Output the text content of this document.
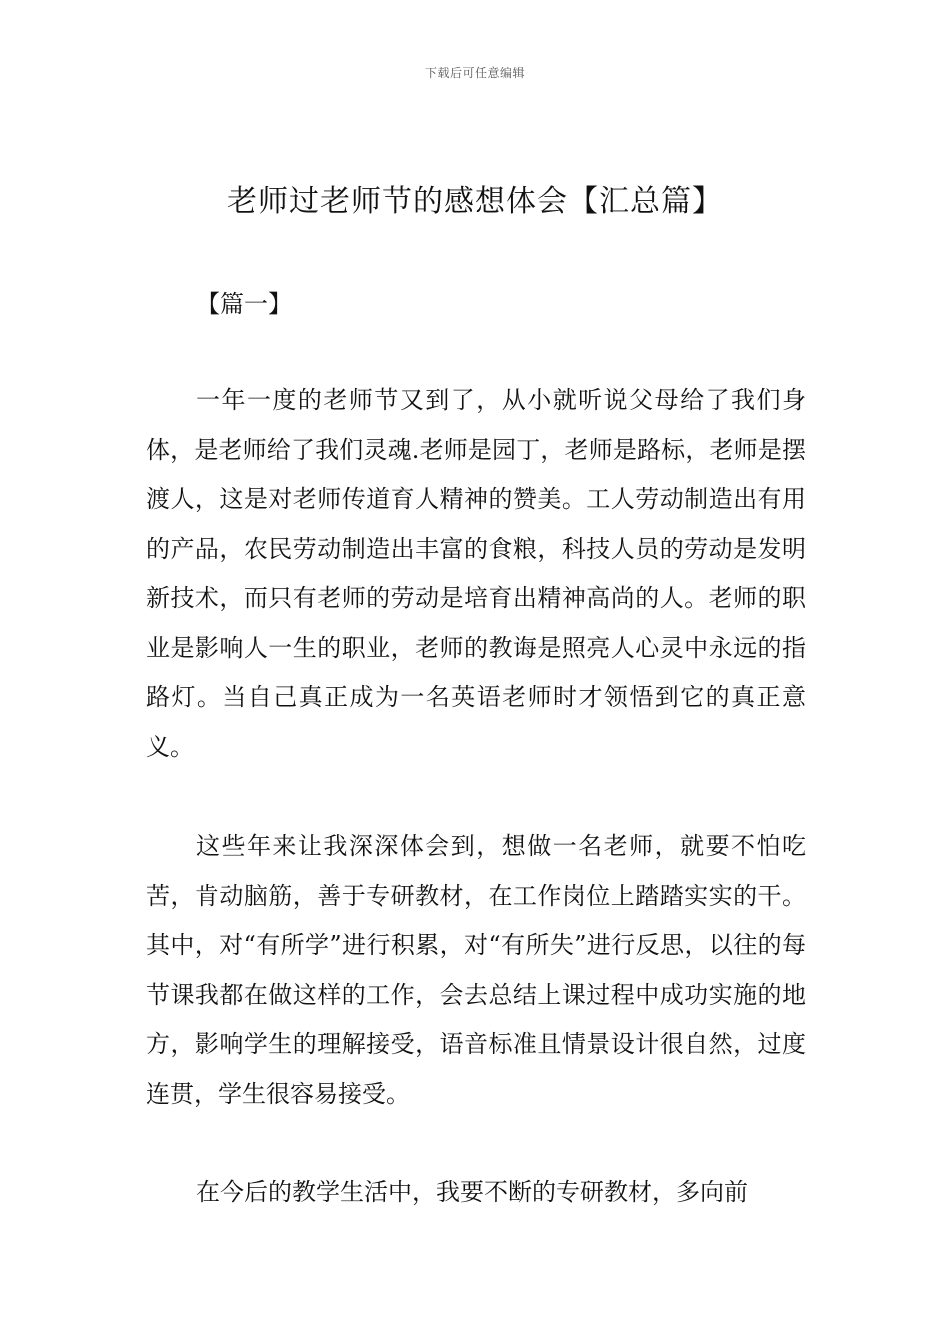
下载后可任意编辑
老师过老师节的感想体会【汇总篇】
【篇一】

一年一度的老师节又到了，从小就听说父母给了我们身体，是老师给了我们灵魂.老师是园丁，老师是路标，老师是摆渡人，这是对老师传道育人精神的赞美。工人劳动制造出有用的产品，农民劳动制造出丰富的食粮，科技人员的劳动是发明新技术，而只有老师的劳动是培育出精神高尚的人。老师的职业是影响人一生的职业，老师的教诲是照亮人心灵中永远的指路灯。当自己真正成为一名英语老师时才领悟到它的真正意义。

这些年来让我深深体会到，想做一名老师，就要不怕吃苦，肯动脑筋，善于专研教材，在工作岗位上踏踏实实的干。其中，对“有所学”进行积累，对“有所失”进行反思，以往的每节课我都在做这样的工作，会去总结上课过程中成功实施的地方，影响学生的理解接受，语音标准且情景设计很自然，过度连贯，学生很容易接受。

在今后的教学生活中，我要不断的专研教材，多向前
